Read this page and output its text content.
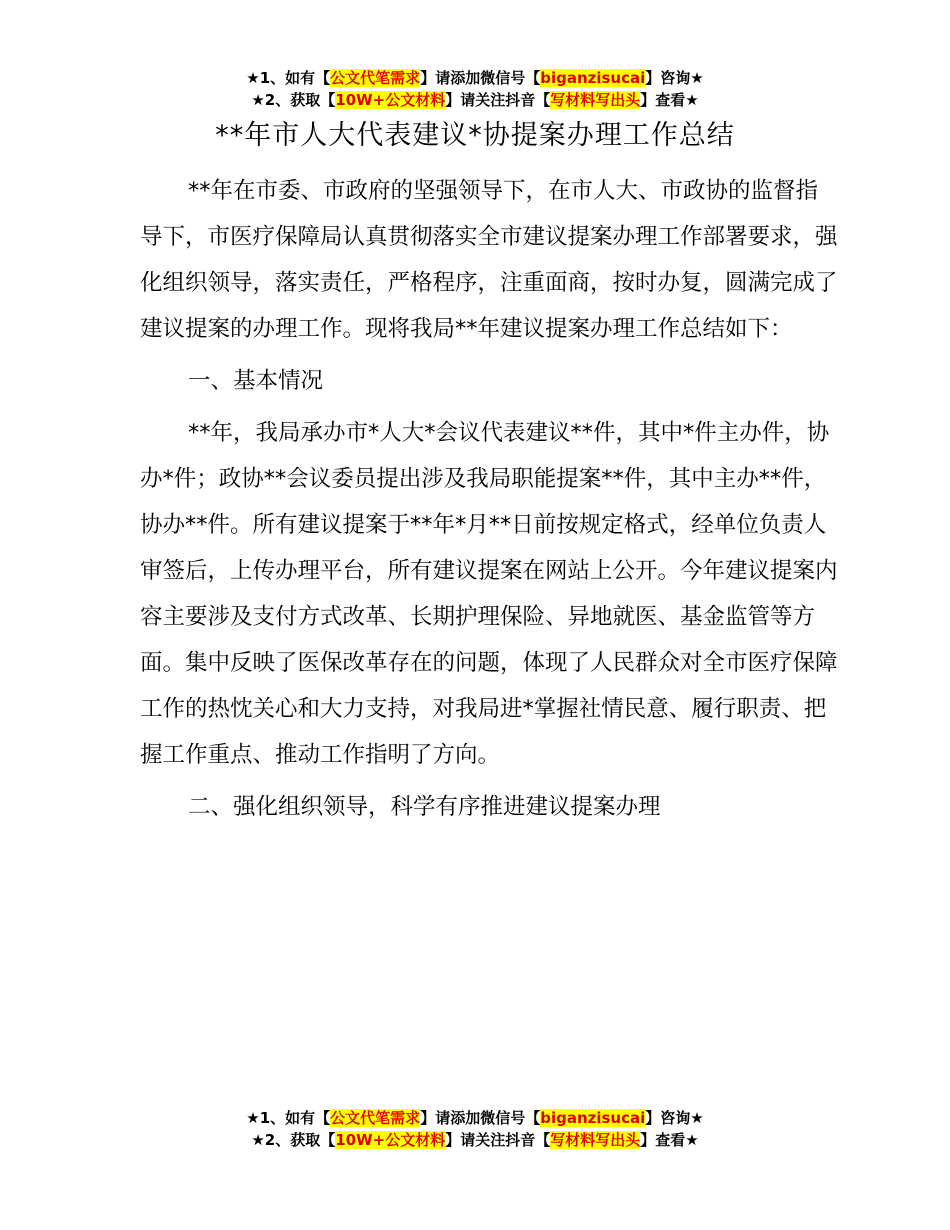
★1、如有【公文代笔需求】请添加微信号【biganzisucai】咨询★
★2、获取【10W+公文材料】请关注抖音【写材料写出头】查看★
**年市人大代表建议*协提案办理工作总结

**年在市委、市政府的坚强领导下，在市人大、市政协的监督指导下，市医疗保障局认真贯彻落实全市建议提案办理工作部署要求，强化组织领导，落实责任，严格程序，注重面商，按时办复，圆满完成了建议提案的办理工作。现将我局**年建议提案办理工作总结如下：

一、基本情况

**年，我局承办市*人大*会议代表建议**件，其中*件主办件，协办*件；政协**会议委员提出涉及我局职能提案**件，其中主办**件，协办**件。所有建议提案于**年*月**日前按规定格式，经单位负责人审签后，上传办理平台，所有建议提案在网站上公开。今年建议提案内容主要涉及支付方式改革、长期护理保险、异地就医、基金监管等方面。集中反映了医保改革存在的问题，体现了人民群众对全市医疗保障工作的热忱关心和大力支持，对我局进*掌握社情民意、履行职责、把握工作重点、推动工作指明了方向。

二、强化组织领导，科学有序推进建议提案办理

★1、如有【公文代笔需求】请添加微信号【biganzisucai】咨询★
★2、获取【10W+公文材料】请关注抖音【写材料写出头】查看★
